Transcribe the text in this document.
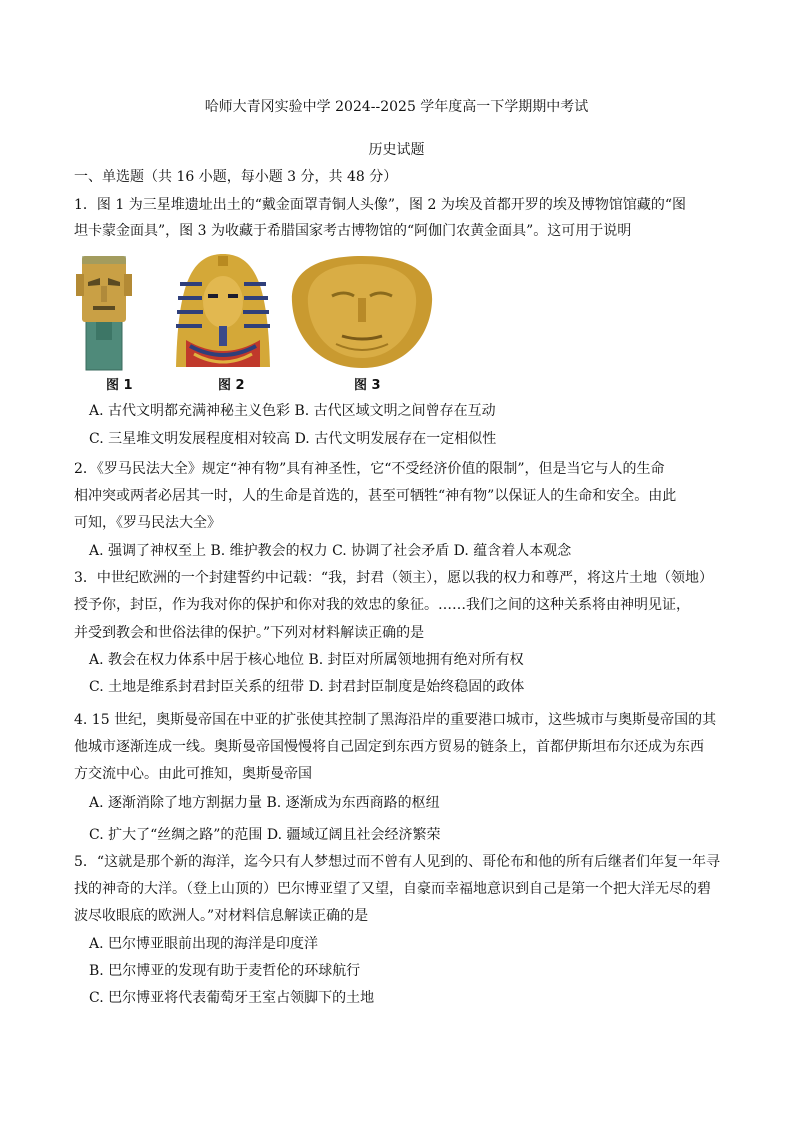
哈师大青冈实验中学 2024--2025 学年度高一下学期期中考试
历史试题
一、单选题（共 16 小题，每小题 3 分，共 48 分）
1．图 1 为三星堆遗址出土的“戴金面罩青铜人头像”，图 2 为埃及首都开罗的埃及博物馆馆藏的“图
坦卡蒙金面具”，图 3 为收藏于希腊国家考古博物馆的“阿伽门农黄金面具”。这可用于说明
图 1	图 2	图 3
A. 古代文明都充满神秘主义色彩 B. 古代区域文明之间曾存在互动
C. 三星堆文明发展程度相对较高 D. 古代文明发展存在一定相似性
2．《罗马民法大全》规定“神有物”具有神圣性，它“不受经济价值的限制”，但是当它与人的生命
相冲突或两者必居其一时，人的生命是首选的，甚至可牺牲“神有物”以保证人的生命和安全。由此
可知，《罗马民法大全》
A. 强调了神权至上 B. 维护教会的权力 C. 协调了社会矛盾 D. 蕴含着人本观念
3．中世纪欧洲的一个封建誓约中记载：“我，封君（领主），愿以我的权力和尊严，将这片土地（领地）
授予你，封臣，作为我对你的保护和你对我的效忠的象征。……我们之间的这种关系将由神明见证，
并受到教会和世俗法律的保护。”下列对材料解读正确的是
A. 教会在权力体系中居于核心地位 B. 封臣对所属领地拥有绝对所有权
C. 土地是维系封君封臣关系的纽带 D. 封君封臣制度是始终稳固的政体
4. 15 世纪，奥斯曼帝国在中亚的扩张使其控制了黑海沿岸的重要港口城市，这些城市与奥斯曼帝国的其
他城市逐渐连成一线。奥斯曼帝国慢慢将自己固定到东西方贸易的链条上，首都伊斯坦布尔还成为东西
方交流中心。由此可推知，奥斯曼帝国
A. 逐渐消除了地方割据力量 B. 逐渐成为东西商路的枢纽
C. 扩大了“丝绸之路”的范围 D. 疆域辽阔且社会经济繁荣
5．“这就是那个新的海洋，迄今只有人梦想过而不曾有人见到的、哥伦布和他的所有后继者们年复一年寻
找的神奇的大洋。（登上山顶的）巴尔博亚望了又望，自豪而幸福地意识到自己是第一个把大洋无尽的碧
波尽收眼底的欧洲人。”对材料信息解读正确的是
A. 巴尔博亚眼前出现的海洋是印度洋
B. 巴尔博亚的发现有助于麦哲伦的环球航行
C. 巴尔博亚将代表葡萄牙王室占领脚下的土地
